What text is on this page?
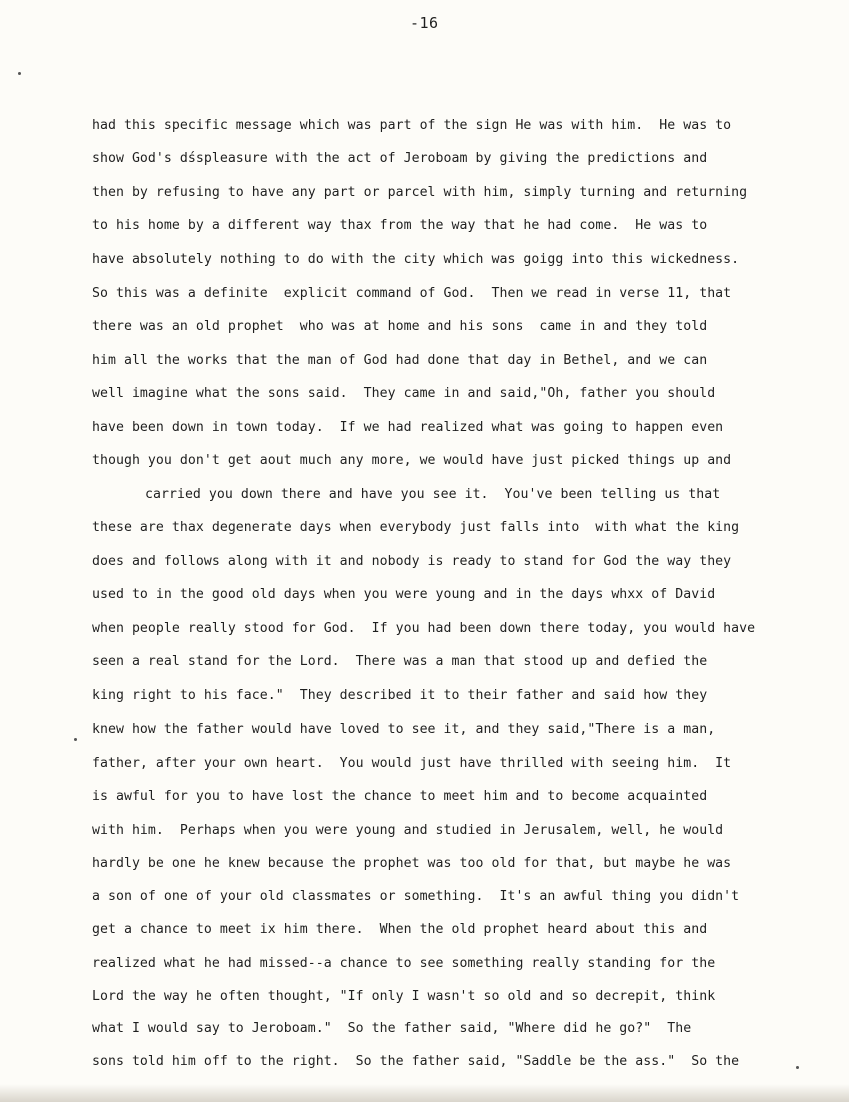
-16
had this specific message which was part of the sign He was with him.  He was to
show God's dśspleasure with the act of Jeroboam by giving the predictions and
then by refusing to have any part or parcel with him, simply turning and returning
to his home by a different way thax from the way that he had come.  He was to
have absolutely nothing to do with the city which was goigg into this wickedness.
So this was a definite  explicit command of God.  Then we read in verse 11, that
there was an old prophet  who was at home and his sons  came in and they told
him all the works that the man of God had done that day in Bethel, and we can
well imagine what the sons said.  They came in and said,"Oh, father you should
have been down in town today.  If we had realized what was going to happen even
though you don't get aout much any more, we would have just picked things up and
carried you down there and have you see it.  You've been telling us that
these are thax degenerate days when everybody just falls into  with what the king
does and follows along with it and nobody is ready to stand for God the way they
used to in the good old days when you were young and in the days whxx of David
when people really stood for God.  If you had been down there today, you would have
seen a real stand for the Lord.  There was a man that stood up and defied the
king right to his face."  They described it to their father and said how they
knew how the father would have loved to see it, and they said,"There is a man,
father, after your own heart.  You would just have thrilled with seeing him.  It
is awful for you to have lost the chance to meet him and to become acquainted
with him.  Perhaps when you were young and studied in Jerusalem, well, he would
hardly be one he knew because the prophet was too old for that, but maybe he was
a son of one of your old classmates or something.  It's an awful thing you didn't
get a chance to meet ix him there.  When the old prophet heard about this and
realized what he had missed--a chance to see something really standing for the
Lord the way he often thought, "If only I wasn't so old and so decrepit, think
what I would say to Jeroboam."  So the father said, "Where did he go?"  The
sons told him off to the right.  So the father said, "Saddle be the ass."  So the
